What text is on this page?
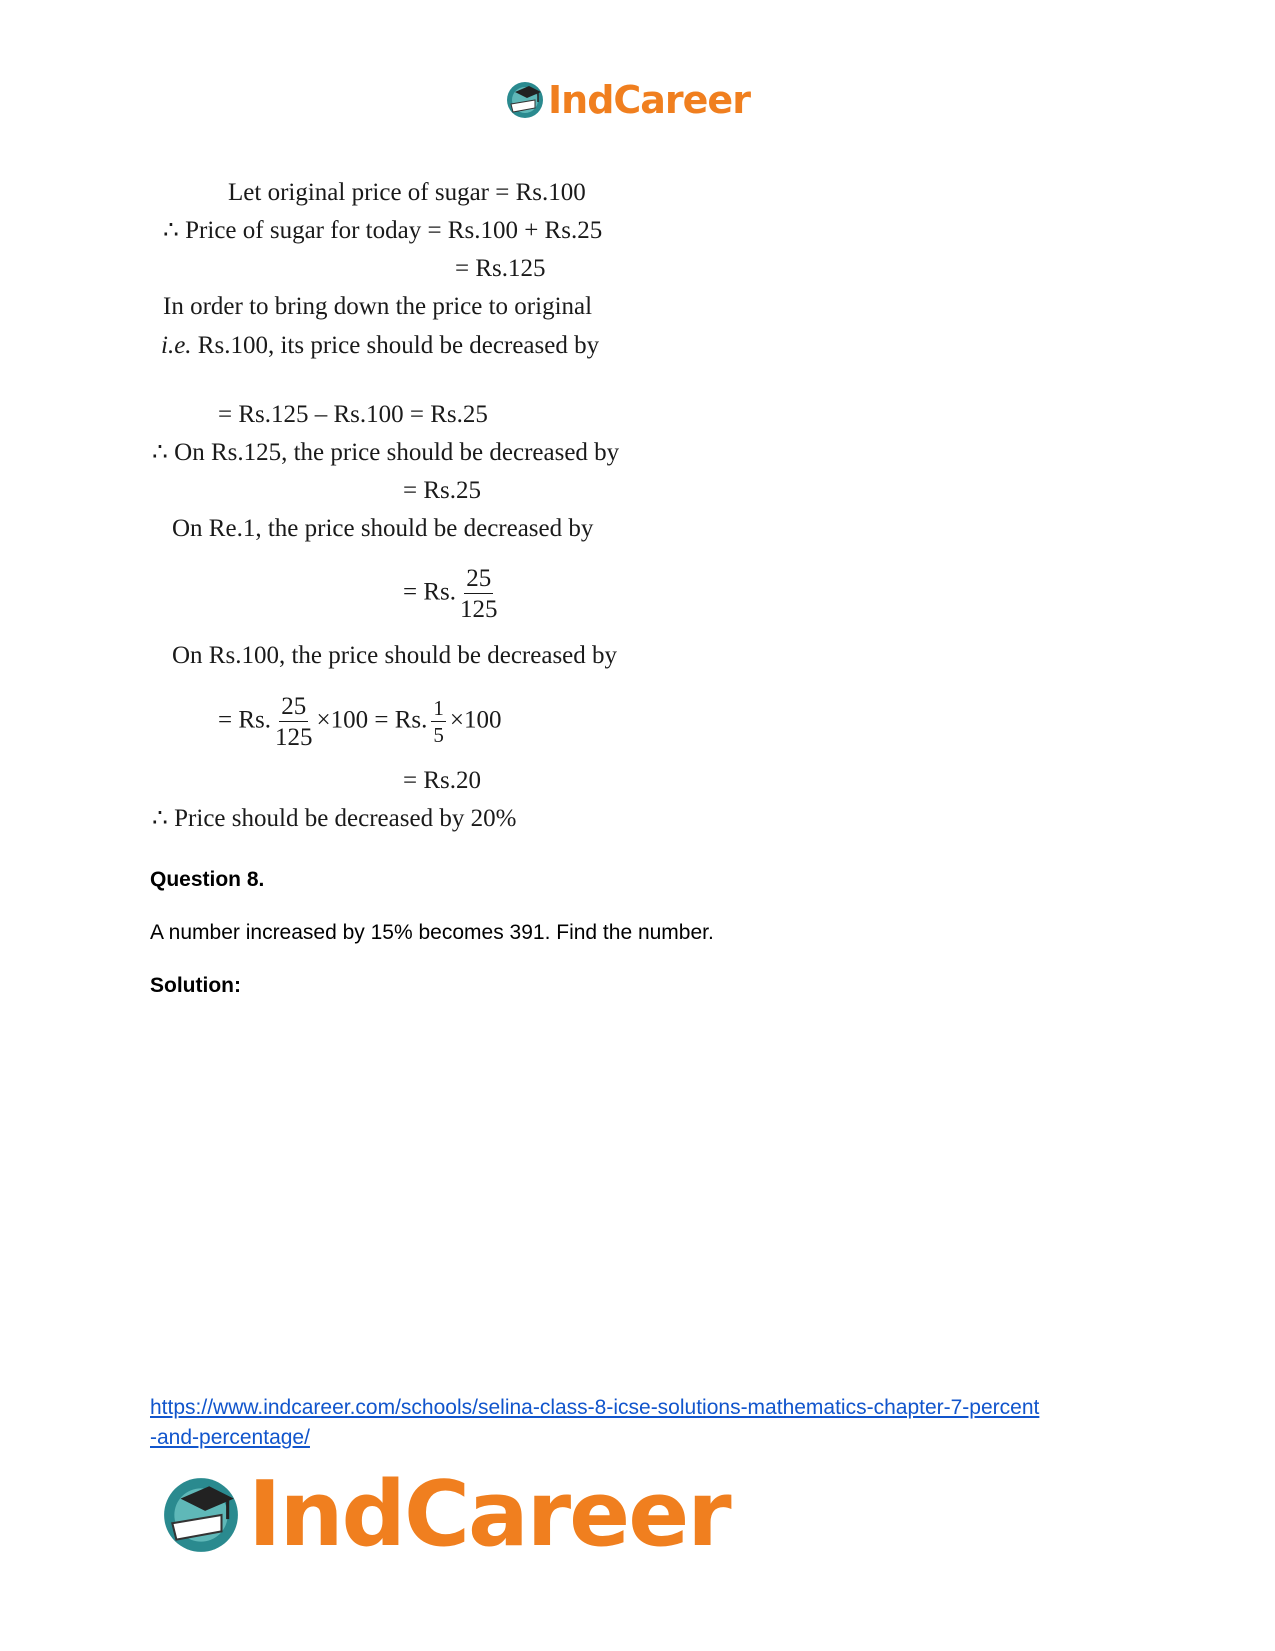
IndCareer
Let original price of sugar = Rs.100
∴ Price of sugar for today = Rs.100 + Rs.25
= Rs.125
In order to bring down the price to original
i.e. Rs.100, its price should be decreased by
= Rs.125 – Rs.100 = Rs.25
∴ On Rs.125, the price should be decreased by
= Rs.25
On Re.1, the price should be decreased by
= Rs. $\frac{25}{125}$
On Rs.100, the price should be decreased by
= Rs. $\frac{25}{125} \times 100 = Rs$. $\frac{1}{5} \times 100$
= Rs.20
∴ Price should be decreased by 20%
Question 8.
A number increased by 15% becomes 391. Find the number.
Solution:
https://www.indcareer.com/schools/selina-class-8-icse-solutions-mathematics-chapter-7-percent
-and-percentage/
IndCareer
